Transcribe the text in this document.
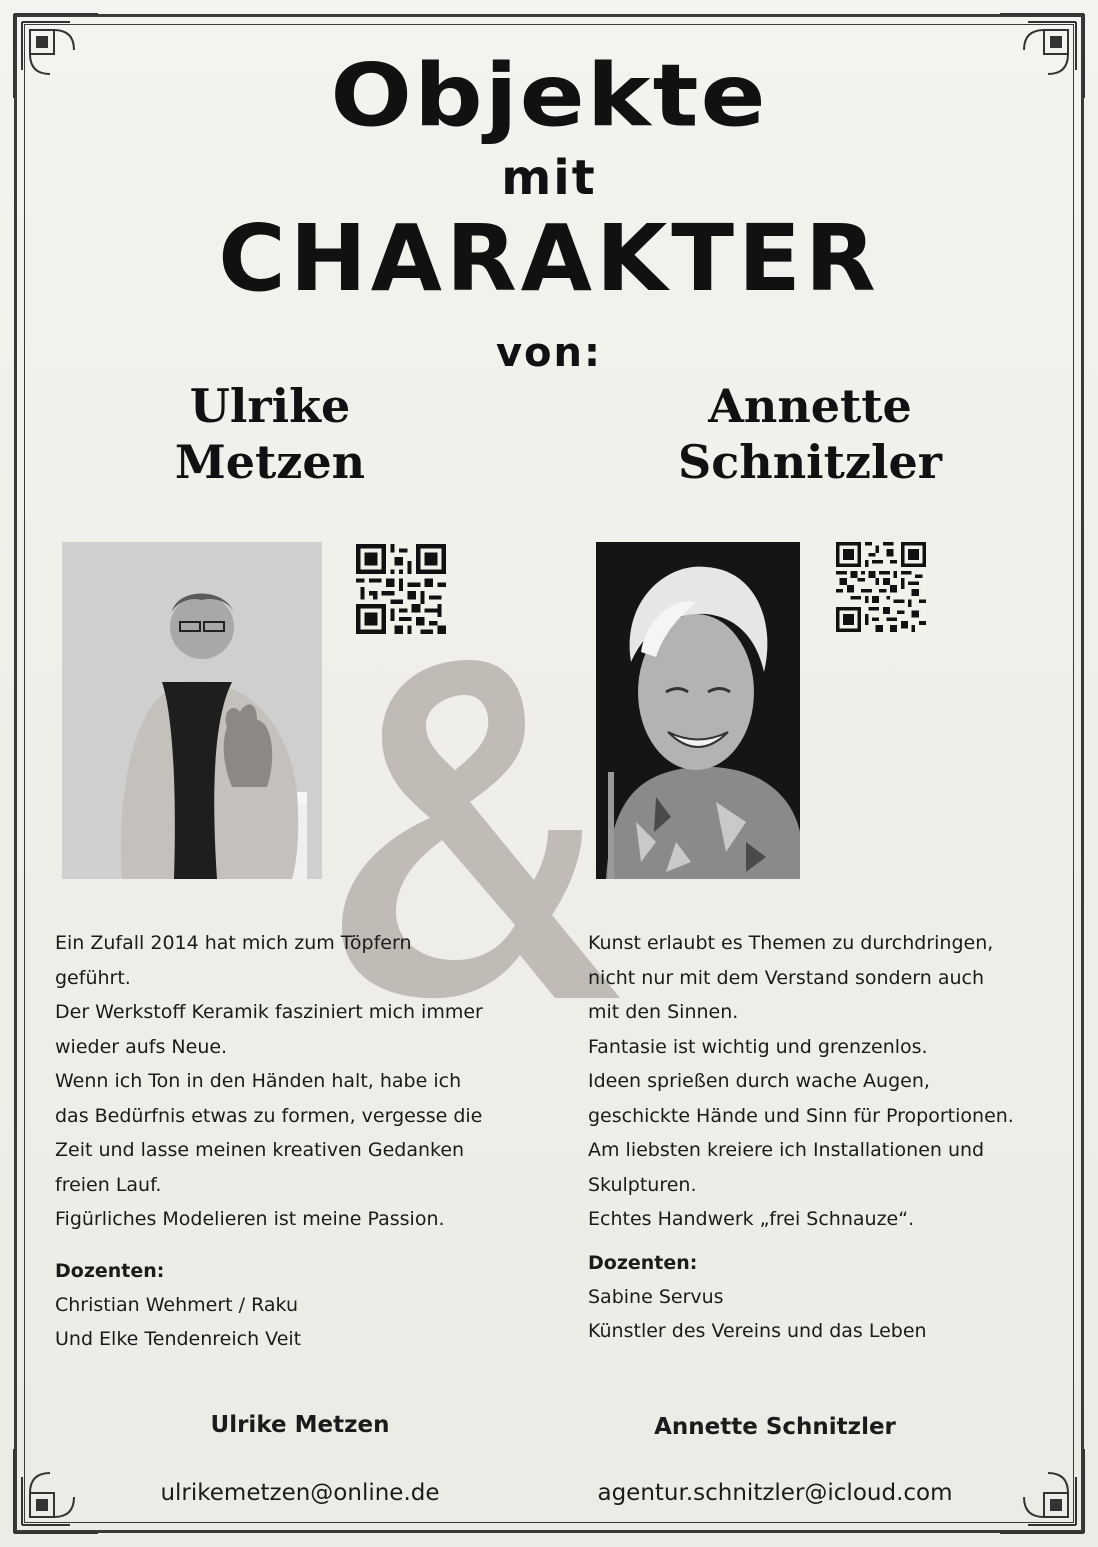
Objekte
mit
CHARAKTER
von:
Ulrike
Metzen
Annette
Schnitzler

Ein Zufall 2014 hat mich zum Töpfern

geführt.

Der Werkstoff Keramik fasziniert mich immer

wieder aufs Neue.

Wenn ich Ton in den Händen halt, habe ich

das Bedürfnis etwas zu formen, vergesse die

Zeit und lasse meinen kreativen Gedanken

freien Lauf.

Figürliches Modelieren ist meine Passion.

Kunst erlaubt es Themen zu durchdringen,

nicht nur mit dem Verstand sondern auch

mit den Sinnen.

Fantasie ist wichtig und grenzenlos.

Ideen sprießen durch wache Augen,

geschickte Hände und Sinn für Proportionen.

Am liebsten kreiere ich Installationen und

Skulpturen.

Echtes Handwerk „frei Schnauze“.

Dozenten:
Christian Wehmert / Raku
Und Elke Tendenreich Veit
Dozenten:
Sabine Servus
Künstler des Vereins und das Leben
Ulrike Metzen	Annette Schnitzler
ulrikemetzen@online.de	agentur.schnitzler@icloud.com
